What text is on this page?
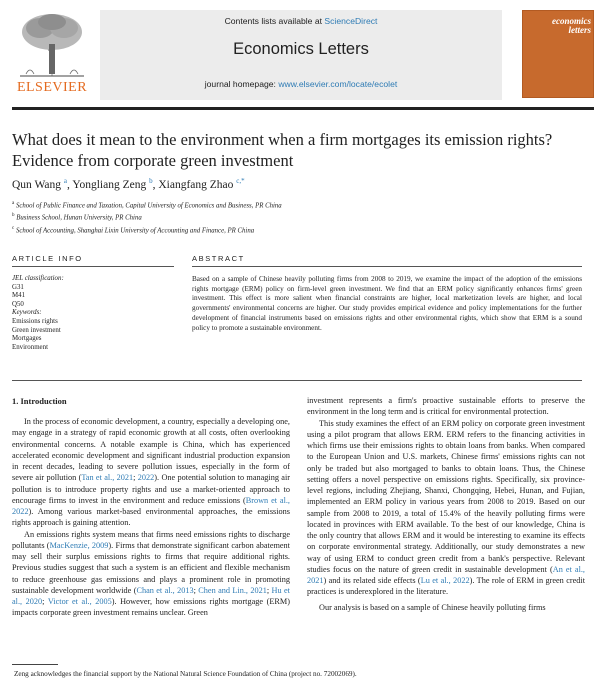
ELSEVIER
Contents lists available at ScienceDirect
Economics Letters
journal homepage: www.elsevier.com/locate/ecolet
economics
letters
What does it mean to the environment when a firm mortgages its emission rights? Evidence from corporate green investment
Qun Wang $^a$, Yongliang Zeng $^b$, Xiangfang Zhao $^{c,*}$
$^a$ School of Public Finance and Taxation, Capital University of Economics and Business, PR China
$^b$ Business School, Hunan University, PR China
$^c$ School of Accounting, Shanghai Lixin University of Accounting and Finance, PR China
ARTICLE INFO	ABSTRACT
JEL classification:
G31
M41
Q50
Keywords:
Emissions rights
Green investment
Mortgages
Environment
Based on a sample of Chinese heavily polluting firms from 2008 to 2019, we examine the impact of the adoption of the emissions rights mortgage (ERM) policy on firm-level green investment. We find that an ERM policy significantly enhances firms' green investment. This effect is more salient when financial constraints are higher, local marketization levels are higher, and local governments' environmental concerns are higher. Our study provides empirical evidence and policy implementations for the further development of financial instruments based on emissions rights and other environmental rights, which show that ERM is a sound policy to promote a sustainable environment.
1. Introduction

In the process of economic development, a country, especially a developing one, may engage in a strategy of rapid economic growth at all costs, often overlooking environmental concerns. A notable example is China, which has experienced accelerated economic development and significant industrial production expansion in recent decades, leading to severe pollution issues, especially in the form of severe air pollution (Tan et al., 2021; 2022). One potential solution to managing air pollution is to introduce property rights and use a market-oriented approach to encourage firms to invest in the environment and reduce emissions (Brown et al., 2022). Among various market-based environmental approaches, the emissions rights approach is gaining attention.

An emissions rights system means that firms need emissions rights to discharge pollutants (MacKenzie, 2009). Firms that demonstrate significant carbon abatement may sell their surplus emissions rights to firms that require additional rights. Previous studies suggest that such a system is an efficient and flexible mechanism to reduce greenhouse gas emissions and plays a prominent role in promoting sustainable development worldwide (Chan et al., 2013; Chen and Lin., 2021; Hu et al., 2020; Victor et al., 2005). However, how emissions rights mortgage (ERM) impacts corporate green investment remains unclear. Green

investment represents a firm's proactive sustainable efforts to preserve the environment in the long term and is critical for environmental protection.

This study examines the effect of an ERM policy on corporate green investment using a pilot program that allows ERM. ERM refers to the financing activities in which firms use their emissions rights to obtain loans from banks. When compared to the European Union and U.S. markets, Chinese firms' emissions rights can not only be traded but also mortgaged to banks to obtain loans. Thus, the Chinese setting offers a novel perspective on emissions rights. Specifically, six province-level regions, including Zhejiang, Shanxi, Chongqing, Hebei, Hunan, and Fujian, implemented an ERM policy in various years from 2008 to 2019. Based on our sample from 2008 to 2019, a total of 15.4% of the heavily polluting firms were located in provinces with ERM available. To the best of our knowledge, China is the only country that allows ERM and it would be interesting to examine its effects on corporate environmental strategy. Additionally, our study demonstrates a new way of using ERM to conduct green credit from a bank's perspective. Relevant studies focus on the nature of green credit in sustainable development (An et al., 2021) and its related side effects (Lu et al., 2022). The role of ERM in green credit practices is underexplored in the literature.

Our analysis is based on a sample of Chinese heavily polluting firms

Zeng acknowledges the financial support by the National Natural Science Foundation of China (project no. 72002069).
